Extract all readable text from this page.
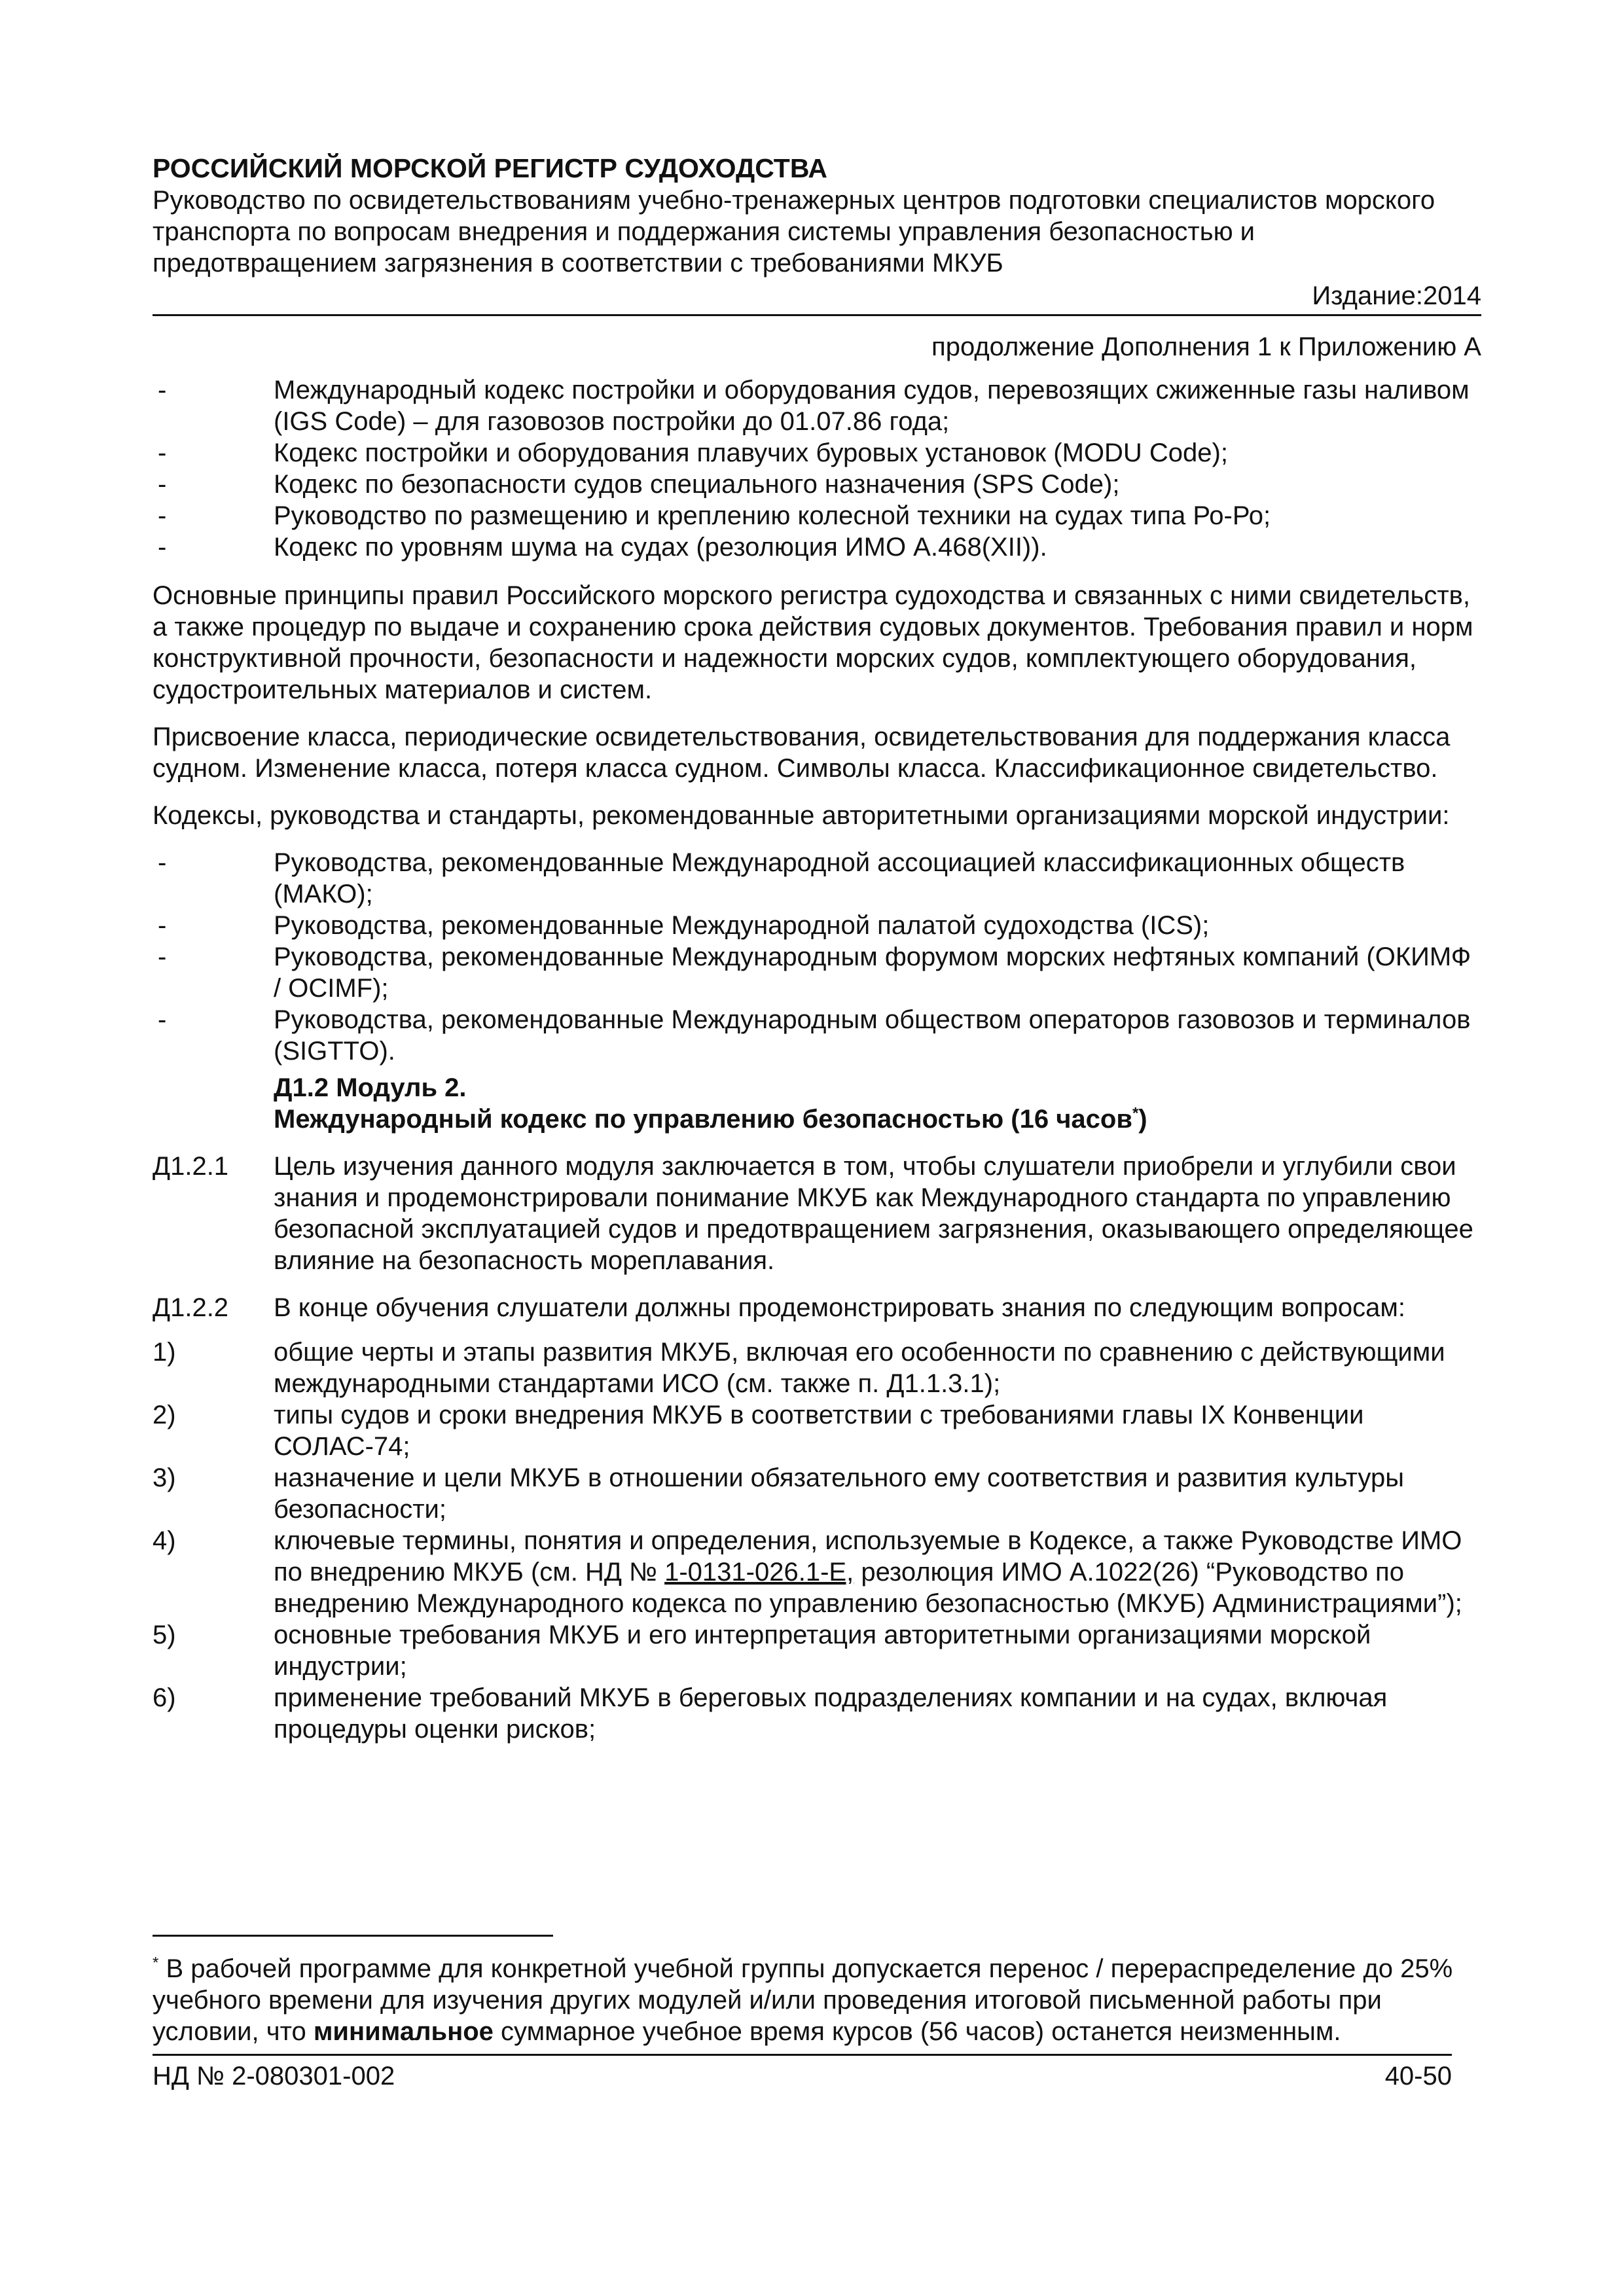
РОССИЙСКИЙ МОРСКОЙ РЕГИСТР СУДОХОДСТВА
Руководство по освидетельствованиям учебно-тренажерных центров подготовки специалистов морского транспорта по вопросам внедрения и поддержания системы управления безопасностью и предотвращением загрязнения в соответствии с требованиями МКУБ
Издание:2014
продолжение Дополнения 1 к Приложению А
-	Международный кодекс постройки и оборудования судов, перевозящих сжиженные газы наливом (IGS Code) – для газовозов постройки до 01.07.86 года;
-	Кодекс постройки и оборудования плавучих буровых установок (MODU Code);
-	Кодекс по безопасности судов специального назначения (SPS Code);
-	Руководство по размещению и креплению колесной техники на судах типа Ро-Ро;
-	Кодекс по уровням шума на судах (резолюция ИМО А.468(XII)).
Основные принципы правил Российского морского регистра судоходства и связанных с ними свидетельств, а также процедур по выдаче и сохранению срока действия судовых документов. Требования правил и норм конструктивной прочности, безопасности и надежности морских судов, комплектующего оборудования, судостроительных материалов и систем.
Присвоение класса, периодические освидетельствования, освидетельствования для поддержания класса судном. Изменение класса, потеря класса судном. Символы класса. Классификационное свидетельство.
Кодексы, руководства и стандарты, рекомендованные авторитетными организациями морской индустрии:
-	Руководства, рекомендованные Международной ассоциацией классификационных обществ (МАКО);
-	Руководства, рекомендованные Международной палатой судоходства (ICS);
-	Руководства, рекомендованные Международным форумом морских нефтяных компаний (ОКИМФ / OCIMF);
-	Руководства, рекомендованные Международным обществом операторов газовозов и терминалов (SIGTTO).
Д1.2 Модуль 2.
Международный кодекс по управлению безопасностью (16 часов*)
Д1.2.1	Цель изучения данного модуля заключается в том, чтобы слушатели приобрели и углубили свои знания и продемонстрировали понимание МКУБ как Международного стандарта по управлению безопасной эксплуатацией судов и предотвращением загрязнения, оказывающего определяющее влияние на безопасность мореплавания.
Д1.2.2	В конце обучения слушатели должны продемонстрировать знания по следующим вопросам:
1)	общие черты и этапы развития МКУБ, включая его особенности по сравнению с действующими международными стандартами ИСО (см. также п. Д1.1.3.1);
2)	типы судов и сроки внедрения МКУБ в соответствии с требованиями главы IX Конвенции СОЛАС-74;
3)	назначение и цели МКУБ в отношении обязательного ему соответствия и развития культуры безопасности;
4)	ключевые термины, понятия и определения, используемые в Кодексе, а также Руководстве ИМО по внедрению МКУБ (см. НД № 1-0131-026.1-Е, резолюция ИМО А.1022(26) “Руководство по внедрению Международного кодекса по управлению безопасностью (МКУБ) Администрациями”);
5)	основные требования МКУБ и его интерпретация авторитетными организациями морской индустрии;
6)	применение требований МКУБ в береговых подразделениях компании и на судах, включая процедуры оценки рисков;
* В рабочей программе для конкретной учебной группы допускается перенос / перераспределение до 25% учебного времени для изучения других модулей и/или проведения итоговой письменной работы при условии, что минимальное суммарное учебное время курсов (56 часов) останется неизменным.
НД № 2-080301-002	40-50
